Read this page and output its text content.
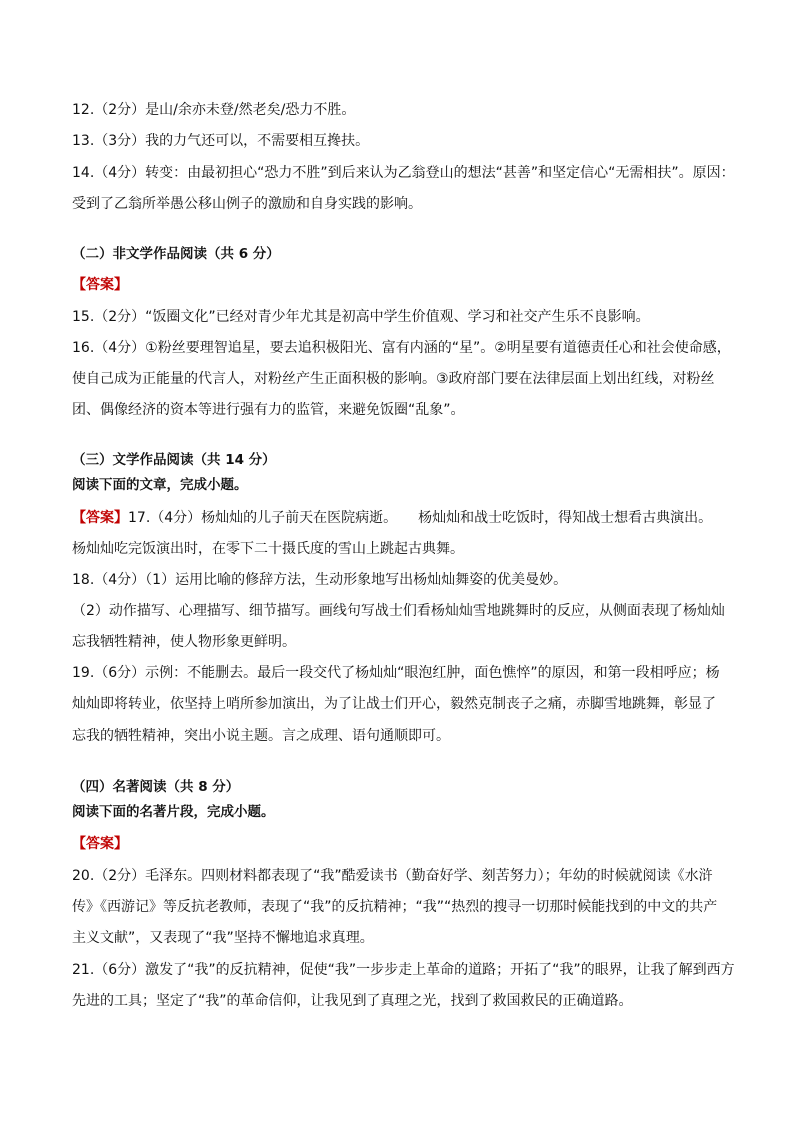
12.（2分）是山/余亦未登/然老矣/恐力不胜。
13.（3分）我的力气还可以，不需要相互搀扶。
14.（4分）转变：由最初担心“恐力不胜”到后来认为乙翁登山的想法“甚善”和坚定信心“无需相扶”。原因：
受到了乙翁所举愚公移山例子的激励和自身实践的影响。
（二）非文学作品阅读（共 6 分）
【答案】
15.（2分）“饭圈文化”已经对青少年尤其是初高中学生价值观、学习和社交产生乐不良影响。
16.（4分）①粉丝要理智追星，要去追积极阳光、富有内涵的“星”。②明星要有道德责任心和社会使命感，
使自己成为正能量的代言人，对粉丝产生正面积极的影响。③政府部门要在法律层面上划出红线，对粉丝
团、偶像经济的资本等进行强有力的监管，来避免饭圈“乱象”。
（三）文学作品阅读（共 14 分）
阅读下面的文章，完成小题。
【答案】17.（4分）杨灿灿的儿子前天在医院病逝。　　杨灿灿和战士吃饭时，得知战士想看古典演出。
杨灿灿吃完饭演出时，在零下二十摄氏度的雪山上跳起古典舞。
18.（4分）（1）运用比喻的修辞方法，生动形象地写出杨灿灿舞姿的优美曼妙。
（2）动作描写、心理描写、细节描写。画线句写战士们看杨灿灿雪地跳舞时的反应，从侧面表现了杨灿灿
忘我牺牲精神，使人物形象更鲜明。
19.（6分）示例：不能删去。最后一段交代了杨灿灿“眼泡红肿，面色憔悴”的原因，和第一段相呼应；杨
灿灿即将转业，依坚持上哨所参加演出，为了让战士们开心，毅然克制丧子之痛，赤脚雪地跳舞，彰显了
忘我的牺牲精神，突出小说主题。言之成理、语句通顺即可。
（四）名著阅读（共 8 分）
阅读下面的名著片段，完成小题。
【答案】
20.（2分）毛泽东。四则材料都表现了“我”酷爱读书（勤奋好学、刻苦努力）；年幼的时候就阅读《水浒
传》《西游记》等反抗老教师，表现了“我”的反抗精神；“我”“热烈的搜寻一切那时候能找到的中文的共产
主义文献”，又表现了“我”坚持不懈地追求真理。
21.（6分）激发了“我”的反抗精神，促使“我”一步步走上革命的道路；开拓了“我”的眼界，让我了解到西方
先进的工具；坚定了“我”的革命信仰，让我见到了真理之光，找到了救国救民的正确道路。
